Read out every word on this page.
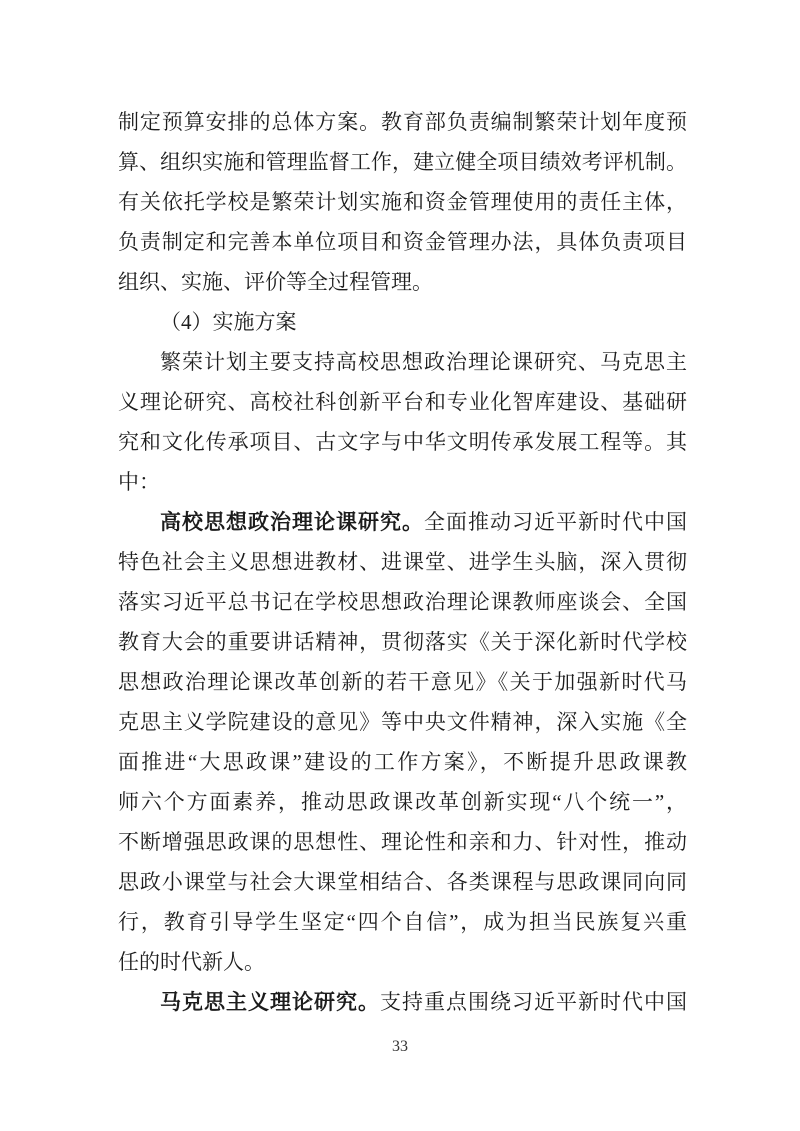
制定预算安排的总体方案。教育部负责编制繁荣计划年度预
算、组织实施和管理监督工作，建立健全项目绩效考评机制。
有关依托学校是繁荣计划实施和资金管理使用的责任主体，
负责制定和完善本单位项目和资金管理办法，具体负责项目
组织、实施、评价等全过程管理。
（4）实施方案
繁荣计划主要支持高校思想政治理论课研究、马克思主
义理论研究、高校社科创新平台和专业化智库建设、基础研
究和文化传承项目、古文字与中华文明传承发展工程等。其
中：
高校思想政治理论课研究。全面推动习近平新时代中国
特色社会主义思想进教材、进课堂、进学生头脑，深入贯彻
落实习近平总书记在学校思想政治理论课教师座谈会、全国
教育大会的重要讲话精神，贯彻落实《关于深化新时代学校
思想政治理论课改革创新的若干意见》《关于加强新时代马
克思主义学院建设的意见》等中央文件精神，深入实施《全
面推进“大思政课”建设的工作方案》，不断提升思政课教
师六个方面素养，推动思政课改革创新实现“八个统一”，
不断增强思政课的思想性、理论性和亲和力、针对性，推动
思政小课堂与社会大课堂相结合、各类课程与思政课同向同
行，教育引导学生坚定“四个自信”，成为担当民族复兴重
任的时代新人。
马克思主义理论研究。支持重点围绕习近平新时代中国
33
